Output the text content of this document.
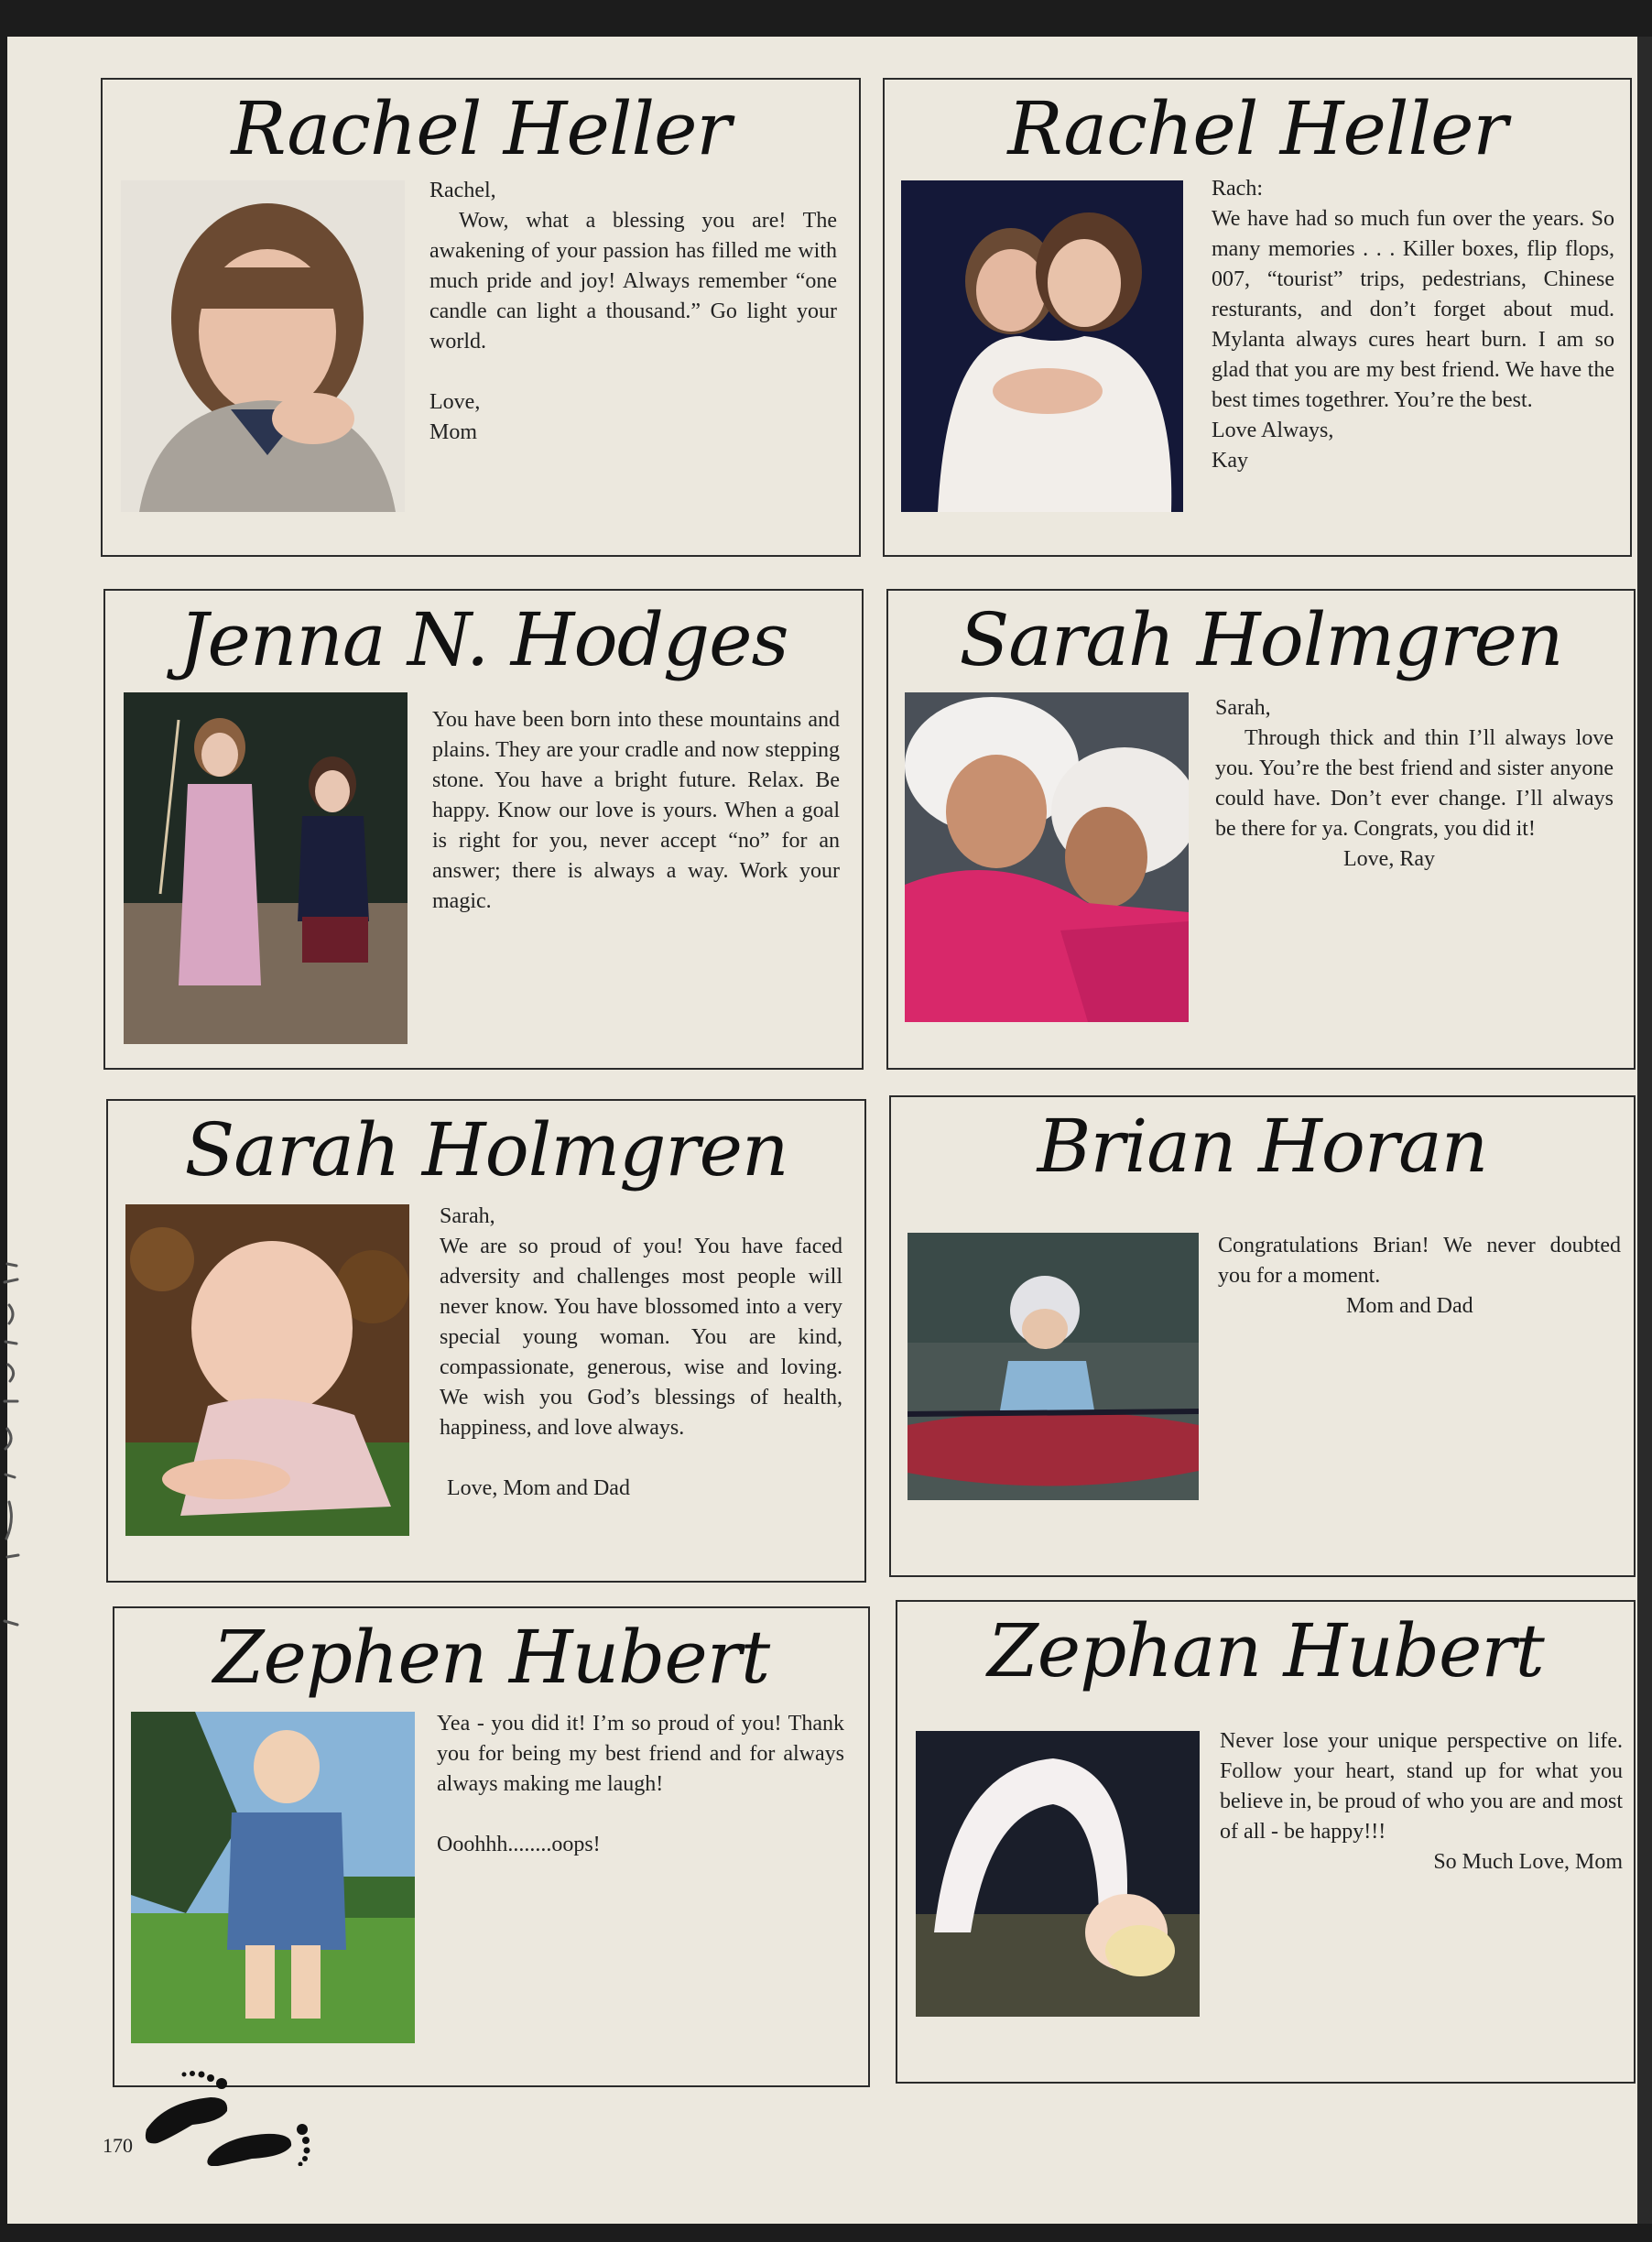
Rachel Heller

Rachel,

Wow, what a blessing you are! The awakening of your passion has filled me with much pride and joy! Always remember “one candle can light a thousand.” Go light your world.

Love,

Mom

Rachel Heller

Rach:

We have had so much fun over the years. So many memories . . . Killer boxes, flip flops, 007, “tourist” trips, pedestrians, Chinese resturants, and don’t forget about mud. Mylanta always cures heart burn. I am so glad that you are my best friend. We have the best times togethrer. You’re the best.

Love Always,

Kay

Jenna N. Hodges

You have been born into these mountains and plains. They are your cradle and now stepping stone. You have a bright future. Relax. Be happy. Know our love is yours. When a goal is right for you, never accept “no” for an answer; there is always a way. Work your magic.

Sarah Holmgren

Sarah,

Through thick and thin I’ll always love you. You’re the best friend and sister anyone could have. Don’t ever change. I’ll always be there for ya. Congrats, you did it!

Love, Ray

Sarah Holmgren

Sarah,

We are so proud of you! You have faced adversity and challenges most people will never know. You have blossomed into a very special young woman. You are kind, compassionate, generous, wise and loving. We wish you God’s blessings of health, happiness, and love always.

Love, Mom and Dad

Brian Horan

Congratulations Brian! We never doubted you for a moment.

Mom and Dad

Zephen Hubert

Yea - you did it! I’m so proud of you! Thank you for being my best friend and for always always making me laugh!

Ooohhh........oops!

Zephan Hubert

Never lose your unique perspective on life. Follow your heart, stand up for what you believe in, be proud of who you are and most of all - be happy!!!

So Much Love, Mom

170
